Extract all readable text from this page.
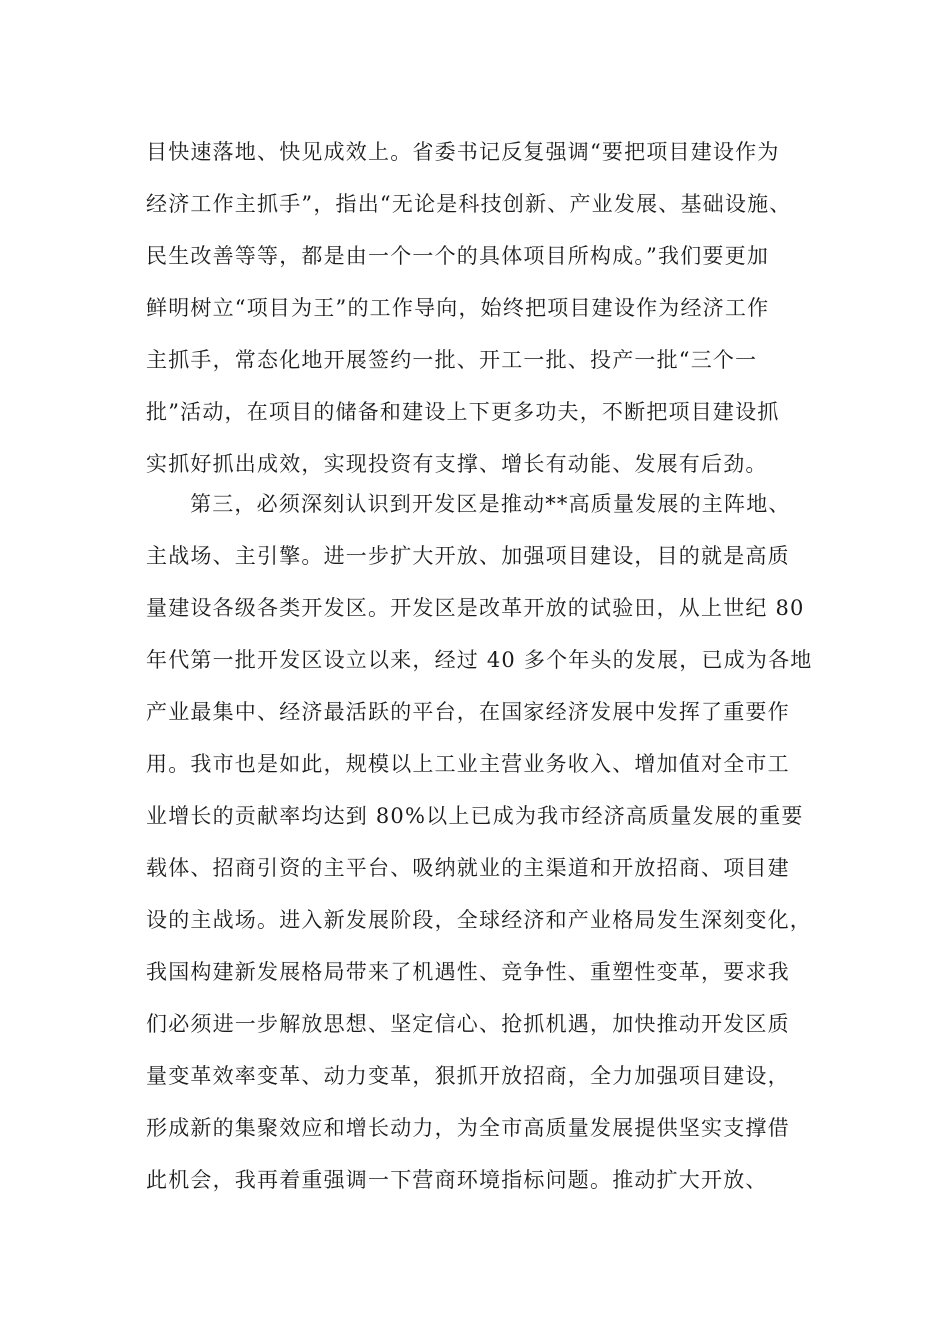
目快速落地、快见成效上。省委书记反复强调“要把项目建设作为
经济工作主抓手”，指出“无论是科技创新、产业发展、基础设施、
民生改善等等，都是由一个一个的具体项目所构成。”我们要更加
鲜明树立“项目为王”的工作导向，始终把项目建设作为经济工作
主抓手，常态化地开展签约一批、开工一批、投产一批“三个一
批”活动，在项目的储备和建设上下更多功夫，不断把项目建设抓
实抓好抓出成效，实现投资有支撑、增长有动能、发展有后劲。
第三，必须深刻认识到开发区是推动**高质量发展的主阵地、
主战场、主引擎。进一步扩大开放、加强项目建设，目的就是高质
量建设各级各类开发区。开发区是改革开放的试验田，从上世纪 80
年代第一批开发区设立以来，经过 40 多个年头的发展，已成为各地
产业最集中、经济最活跃的平台，在国家经济发展中发挥了重要作
用。我市也是如此，规模以上工业主营业务收入、增加值对全市工
业增长的贡献率均达到 80%以上已成为我市经济高质量发展的重要
载体、招商引资的主平台、吸纳就业的主渠道和开放招商、项目建
设的主战场。进入新发展阶段，全球经济和产业格局发生深刻变化，
我国构建新发展格局带来了机遇性、竞争性、重塑性变革，要求我
们必须进一步解放思想、坚定信心、抢抓机遇，加快推动开发区质
量变革效率变革、动力变革，狠抓开放招商，全力加强项目建设，
形成新的集聚效应和增长动力，为全市高质量发展提供坚实支撑借
此机会，我再着重强调一下营商环境指标问题。推动扩大开放、
